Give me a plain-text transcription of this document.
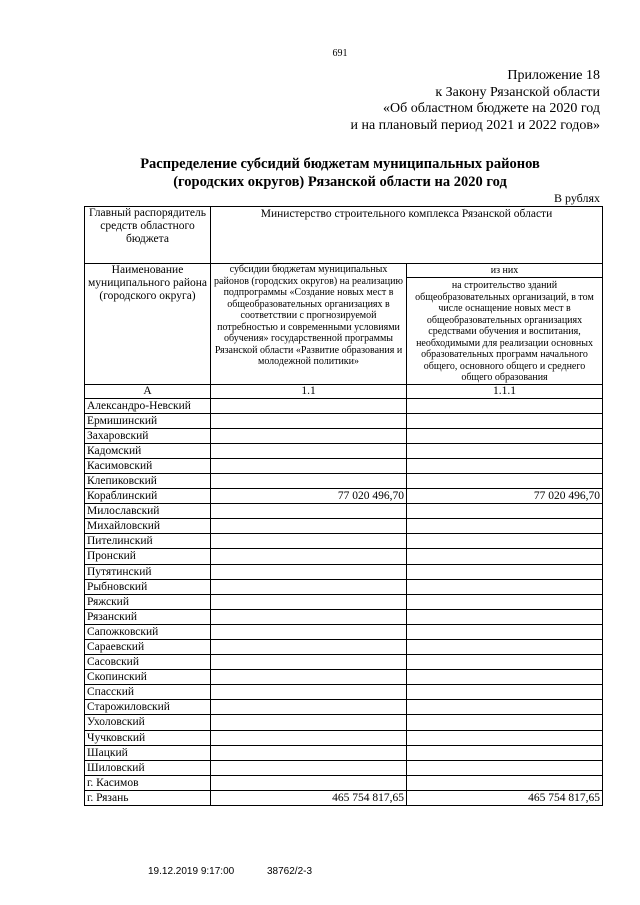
691
Приложение 18
к Закону Рязанской области
«Об областном бюджете на 2020 год
и на плановый период 2021 и 2022 годов»
Распределение субсидий бюджетам муниципальных районов
(городских округов) Рязанской области на 2020 год
В рублях
Главный распорядитель средств областного бюджета	Министерство строительного комплекса Рязанской области	
Наименование муниципального района (городского округа)	субсидии бюджетам муниципальных районов (городских округов) на реализацию подпрограммы «Создание новых мест в общеобразовательных организациях в соответствии с прогнозируемой потребностью и современными условиями обучения» государственной программы Рязанской области «Развитие образования и молодежной политики»	из них
		на строительство зданий общеобразовательных организаций, в том числе оснащение новых мест в общеобразовательных организациях средствами обучения и воспитания, необходимыми для реализации основных образовательных программ начального общего, основного общего и среднего общего образования
А	1.1	1.1.1
Александро-Невский		
Ермишинский		
Захаровский		
Кадомский		
Касимовский		
Клепиковский		
Кораблинский	77 020 496,70	77 020 496,70
Милославский		
Михайловский		
Пителинский		
Пронский		
Путятинский		
Рыбновский		
Ряжский		
Рязанский		
Сапожковский		
Сараевский		
Сасовский		
Скопинский		
Спасский		
Старожиловский		
Ухоловский		
Чучковский		
Шацкий		
Шиловский		
г. Касимов		
г. Рязань	465 754 817,65	465 754 817,65
19.12.2019 9:17:00	38762/2-3
